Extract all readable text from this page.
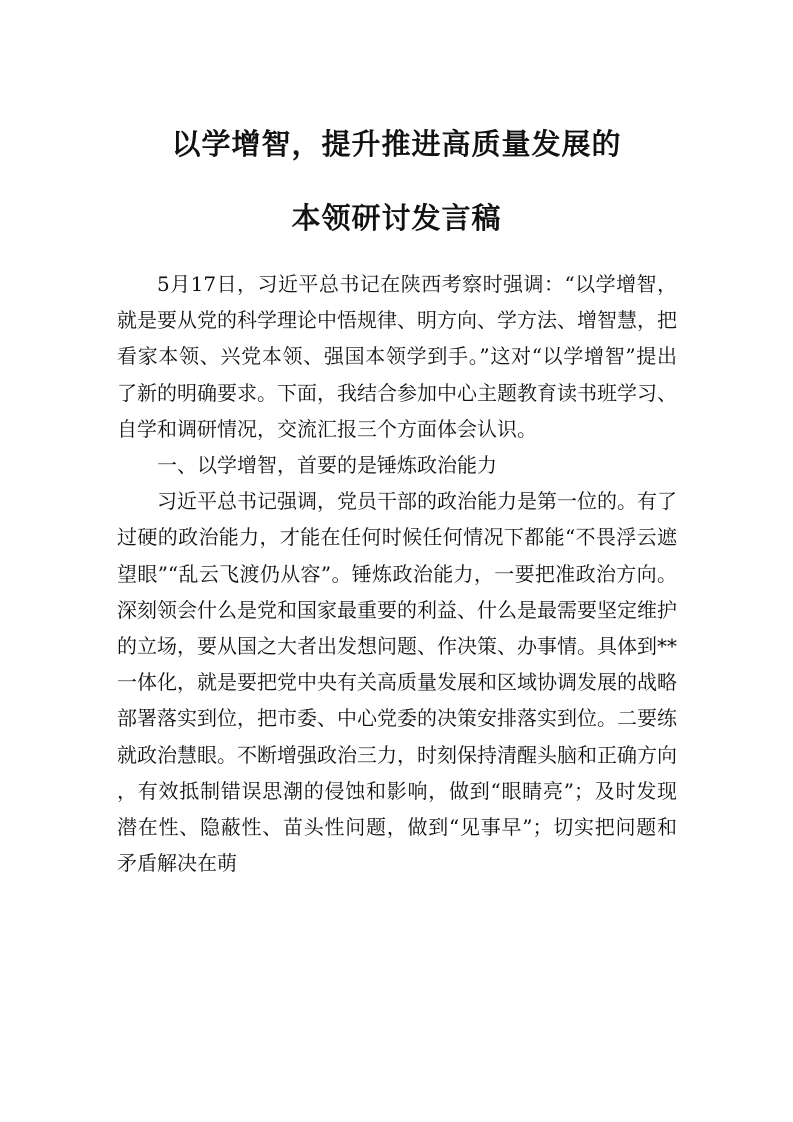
以学增智，提升推进高质量发展的
本领研讨发言稿

5月17日，习近平总书记在陕西考察时强调：“以学增智，就是要从党的科学理论中悟规律、明方向、学方法、增智慧，把看家本领、兴党本领、强国本领学到手。”这对“以学增智”提出了新的明确要求。下面，我结合参加中心主题教育读书班学习、自学和调研情况，交流汇报三个方面体会认识。

一、以学增智，首要的是锤炼政治能力

习近平总书记强调，党员干部的政治能力是第一位的。有了过硬的政治能力，才能在任何时候任何情况下都能“不畏浮云遮望眼”“乱云飞渡仍从容”。锤炼政治能力，一要把准政治方向。深刻领会什么是党和国家最重要的利益、什么是最需要坚定维护的立场，要从国之大者出发想问题、作决策、办事情。具体到**一体化，就是要把党中央有关高质量发展和区域协调发展的战略部署落实到位，把市委、中心党委的决策安排落实到位。二要练就政治慧眼。不断增强政治三力，时刻保持清醒头脑和正确方向，有效抵制错误思潮的侵蚀和影响，做到“眼睛亮”；及时发现潜在性、隐蔽性、苗头性问题，做到“见事早”；切实把问题和矛盾解决在萌
